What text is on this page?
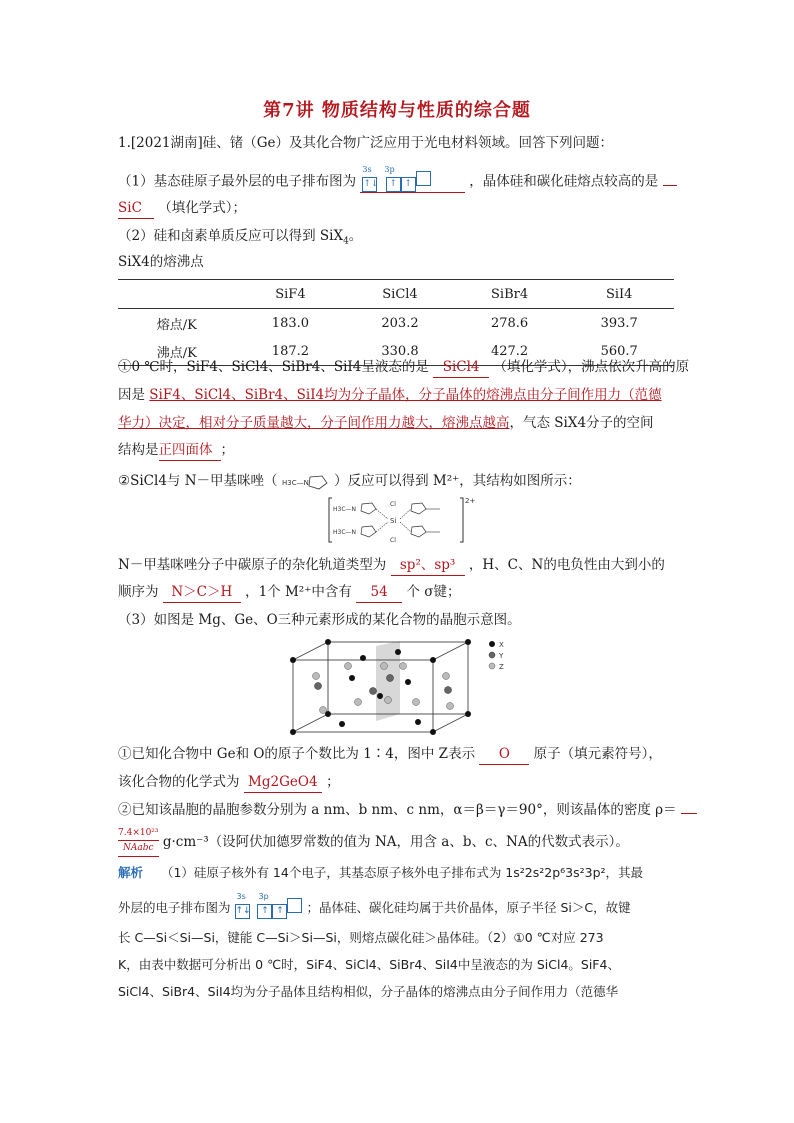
第7讲 物质结构与性质的综合题
1.[2021湖南]硅、锗（Ge）及其化合物广泛应用于光电材料领域。回答下列问题：
（1）基态硅原子最外层的电子排布图为
3s 3p
↑↓ ↑ ↑	，晶体硅和碳化硅熔点较高的是
SiC （填化学式）；
（2）硅和卤素单质反应可以得到 SiX$_4$。
SiX4的熔沸点
	SiF4	SiCl4	SiBr4	SiI4
熔点/K	183.0	203.2	278.6	393.7
沸点/K	187.2	330.8	427.2	560.7
①0 ℃时，SiF4、SiCl4、SiBr4、SiI4呈液态的是 SiCl4 （填化学式），沸点依次升高的原
因是 SiF4、SiCl4、SiBr4、SiI4均为分子晶体，分子晶体的熔沸点由分子间作用力（范德
华力）决定，相对分子质量越大，分子间作用力越大，熔沸点越高，气态 SiX4分子的空间
结构是正四面体 ；
②SiCl4与 N－甲基咪唑（ H3C—N ）反应可以得到 M²⁺，其结构如图所示：
2+
H3C—N
H3C—N
Si
Cl
Cl
N－甲基咪唑分子中碳原子的杂化轨道类型为 sp²、sp³ ，H、C、N的电负性由大到小的
顺序为 N＞C＞H ，1个 M²⁺中含有 54 个 σ键；
（3）如图是 Mg、Ge、O三种元素形成的某化合物的晶胞示意图。
X
Y
Z
①已知化合物中 Ge和 O的原子个数比为 1∶4，图中 Z表示 O 原子（填元素符号），
该化合物的化学式为 Mg2GeO4 ；
②已知该晶胞的晶胞参数分别为 a nm、b nm、c nm，α＝β＝γ＝90°，则该晶体的密度 ρ＝
7.4×10²³
NAabc g·cm⁻³（设阿伏加德罗常数的值为 NA，用含 a、b、c、NA的代数式表示）。
解析 （1）硅原子核外有 14个电子，其基态原子核外电子排布式为 1s²2s²2p⁶3s²3p²，其最
外层的电子排布图为
3s 3p
↑↓ ↑ ↑ ；晶体硅、碳化硅均属于共价晶体，原子半径 Si＞C，故键
长 C—Si＜Si—Si，键能 C—Si＞Si—Si，则熔点碳化硅＞晶体硅。（2）①0 ℃对应 273
K，由表中数据可分析出 0 ℃时，SiF4、SiCl4、SiBr4、SiI4中呈液态的为 SiCl4。SiF4、
SiCl4、SiBr4、SiI4均为分子晶体且结构相似，分子晶体的熔沸点由分子间作用力（范德华
